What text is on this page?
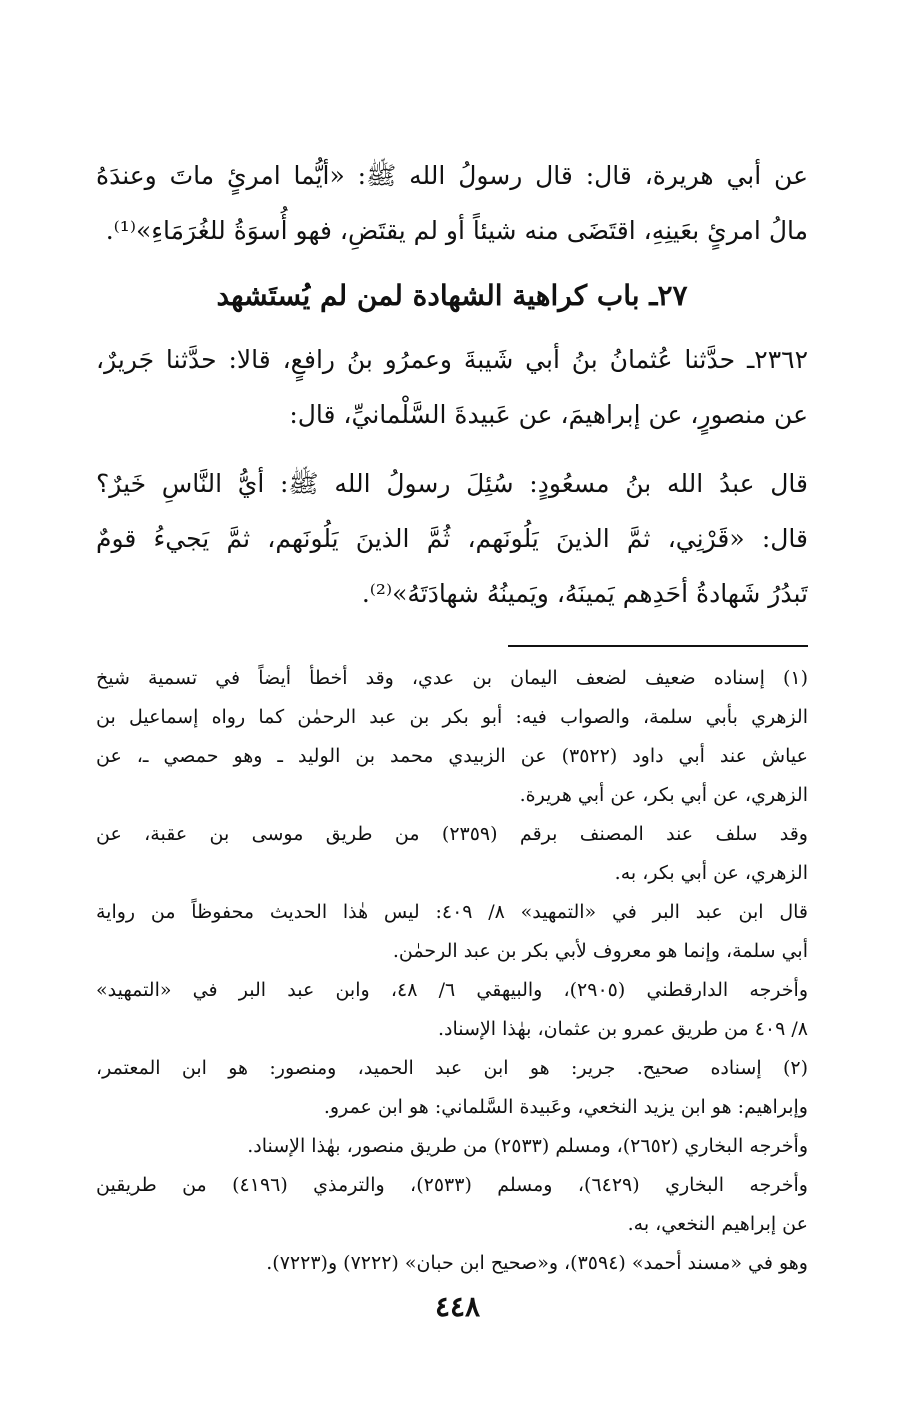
عن أبي هريرة، قال: قال رسولُ الله ﷺ: «أيُّما امرئٍ ماتَ وعندَهُ
مالُ امرئٍ بعَينِهِ، اقتَضَى منه شيئاً أو لم يقتَضِ، فهو أُسوَةُ للغُرَمَاءِ»⁽¹⁾.
٢٧ـ باب كراهية الشهادة لمن لم يُستَشهد
٢٣٦٢ـ حدَّثنا عُثمانُ بنُ أبي شَيبةَ وعمرُو بنُ رافعٍ، قالا: حدَّثنا جَريرٌ،
عن منصورٍ، عن إبراهيمَ، عن عَبيدةَ السَّلْمانيِّ، قال:
قال عبدُ الله بنُ مسعُودٍ: سُئِلَ رسولُ الله ﷺ: أيُّ النَّاسِ خَيرٌ؟
قال: «قَرْنِي، ثمَّ الذينَ يَلُونَهم، ثُمَّ الذينَ يَلُونَهم، ثمَّ يَجيءُ قومٌ
تَبدُرُ شَهادةُ أحَدِهم يَمينَهُ، ويَمينُهُ شهادَتَهُ»⁽²⁾.
(١) إسناده ضعيف لضعف اليمان بن عدي، وقد أخطأ أيضاً في تسمية شيخ
الزهري بأبي سلمة، والصواب فيه: أبو بكر بن عبد الرحمٰن كما رواه إسماعيل بن
عياش عند أبي داود (٣٥٢٢) عن الزبيدي محمد بن الوليد ـ وهو حمصي ـ، عن
الزهري، عن أبي بكر، عن أبي هريرة.
وقد سلف عند المصنف برقم (٢٣٥٩) من طريق موسى بن عقبة، عن
الزهري، عن أبي بكر، به.
قال ابن عبد البر في «التمهيد» ٨/ ٤٠٩: ليس هٰذا الحديث محفوظاً من رواية
أبي سلمة، وإنما هو معروف لأبي بكر بن عبد الرحمٰن.
وأخرجه الدارقطني (٢٩٠٥)، والبيهقي ٦/ ٤٨، وابن عبد البر في «التمهيد»
٨/ ٤٠٩ من طريق عمرو بن عثمان، بهٰذا الإسناد.
(٢) إسناده صحيح. جرير: هو ابن عبد الحميد، ومنصور: هو ابن المعتمر،
وإبراهيم: هو ابن يزيد النخعي، وعَبيدة السَّلماني: هو ابن عمرو.
وأخرجه البخاري (٢٦٥٢)، ومسلم (٢٥٣٣) من طريق منصور، بهٰذا الإسناد.
وأخرجه البخاري (٦٤٢٩)، ومسلم (٢٥٣٣)، والترمذي (٤١٩٦) من طريقين
عن إبراهيم النخعي، به.
وهو في «مسند أحمد» (٣٥٩٤)، و«صحيح ابن حبان» (٧٢٢٢) و(٧٢٢٣).
٤٤٨
